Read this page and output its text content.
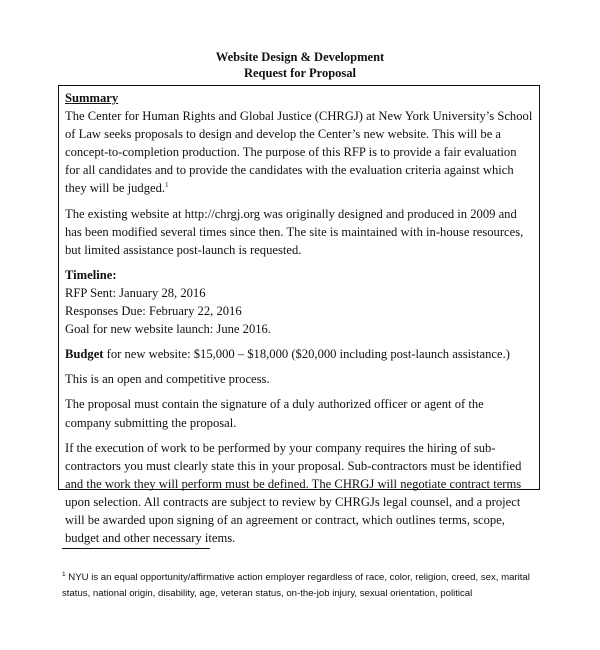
Website Design & Development
Request for Proposal
Summary

The Center for Human Rights and Global Justice (CHRGJ) at New York University’s School of Law seeks proposals to design and develop the Center’s new website. This will be a concept-to-completion production. The purpose of this RFP is to provide a fair evaluation for all candidates and to provide the candidates with the evaluation criteria against which they will be judged.$^1$

The existing website at http://chrgj.org was originally designed and produced in 2009 and has been modified several times since then. The site is maintained with in-house resources, but limited assistance post-launch is requested.

Timeline:
RFP Sent: January 28, 2016
Responses Due: February 22, 2016
Goal for new website launch: June 2016.

Budget for new website: $15,000 – $18,000 ($20,000 including post-launch assistance.)

This is an open and competitive process.

The proposal must contain the signature of a duly authorized officer or agent of the company submitting the proposal.

If the execution of work to be performed by your company requires the hiring of sub-contractors you must clearly state this in your proposal. Sub-contractors must be identified and the work they will perform must be defined. The CHRGJ will negotiate contract terms upon selection. All contracts are subject to review by CHRGJs legal counsel, and a project will be awarded upon signing of an agreement or contract, which outlines terms, scope, budget and other necessary items.

$^1$ NYU is an equal opportunity/affirmative action employer regardless of race, color, religion, creed, sex, marital status, national origin, disability, age, veteran status, on-the-job injury, sexual orientation, political
